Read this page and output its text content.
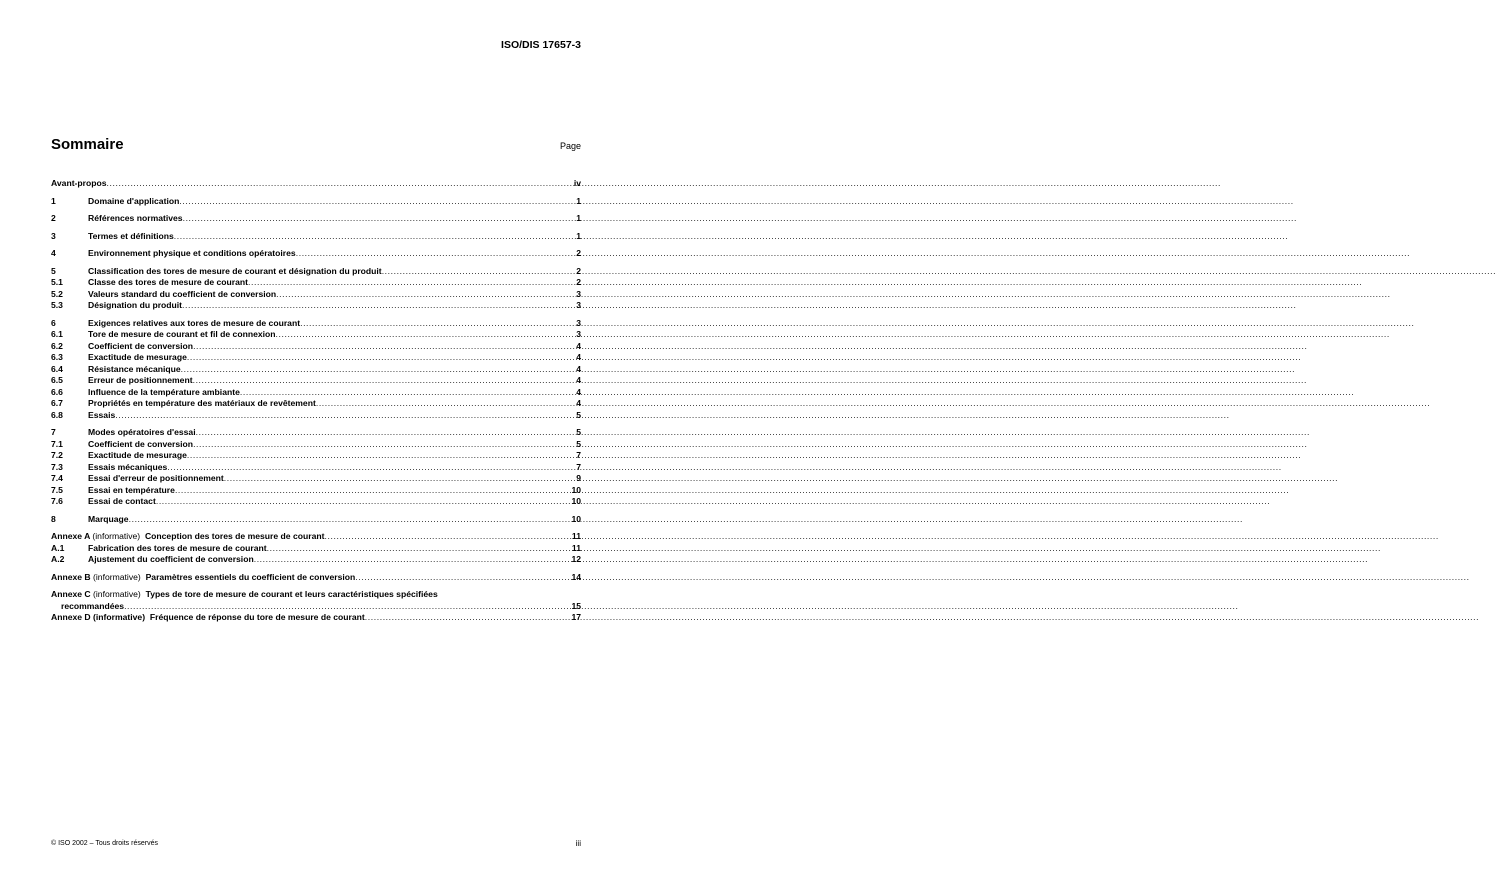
ISO/DIS 17657-3
Sommaire	Page
Avant-propos .....	iv
1	Domaine d'application .....	1
2	Références normatives .....	1
3	Termes et définitions .....	1
4	Environnement physique et conditions opératoires .....	2
5	Classification des tores de mesure de courant et désignation du produit .....	2
5.1	Classe des tores de mesure de courant .....	2
5.2	Valeurs standard du coefficient de conversion .....	3
5.3	Désignation du produit .....	3
6	Exigences relatives aux tores de mesure de courant .....	3
6.1	Tore de mesure de courant et fil de connexion .....	3
6.2	Coefficient de conversion .....	4
6.3	Exactitude de mesurage .....	4
6.4	Résistance mécanique .....	4
6.5	Erreur de positionnement .....	4
6.6	Influence de la température ambiante .....	4
6.7	Propriétés en température des matériaux de revêtement .....	4
6.8	Essais .....	5
7	Modes opératoires d'essai .....	5
7.1	Coefficient de conversion .....	5
7.2	Exactitude de mesurage .....	7
7.3	Essais mécaniques .....	7
7.4	Essai d'erreur de positionnement .....	9
7.5	Essai en température .....	10
7.6	Essai de contact .....	10
8	Marquage .....	10
Annexe A (informative) Conception des tores de mesure de courant .....	11
A.1	Fabrication des tores de mesure de courant .....	11
A.2	Ajustement du coefficient de conversion .....	12
Annexe B (informative) Paramètres essentiels du coefficient de conversion .....	14
Annexe C (informative) Types de tore de mesure de courant et leurs caractéristiques spécifiées
recommandées .....	15
Annexe D (informative) Fréquence de réponse du tore de mesure de courant .....	17
© ISO 2002 – Tous droits réservés	iii
